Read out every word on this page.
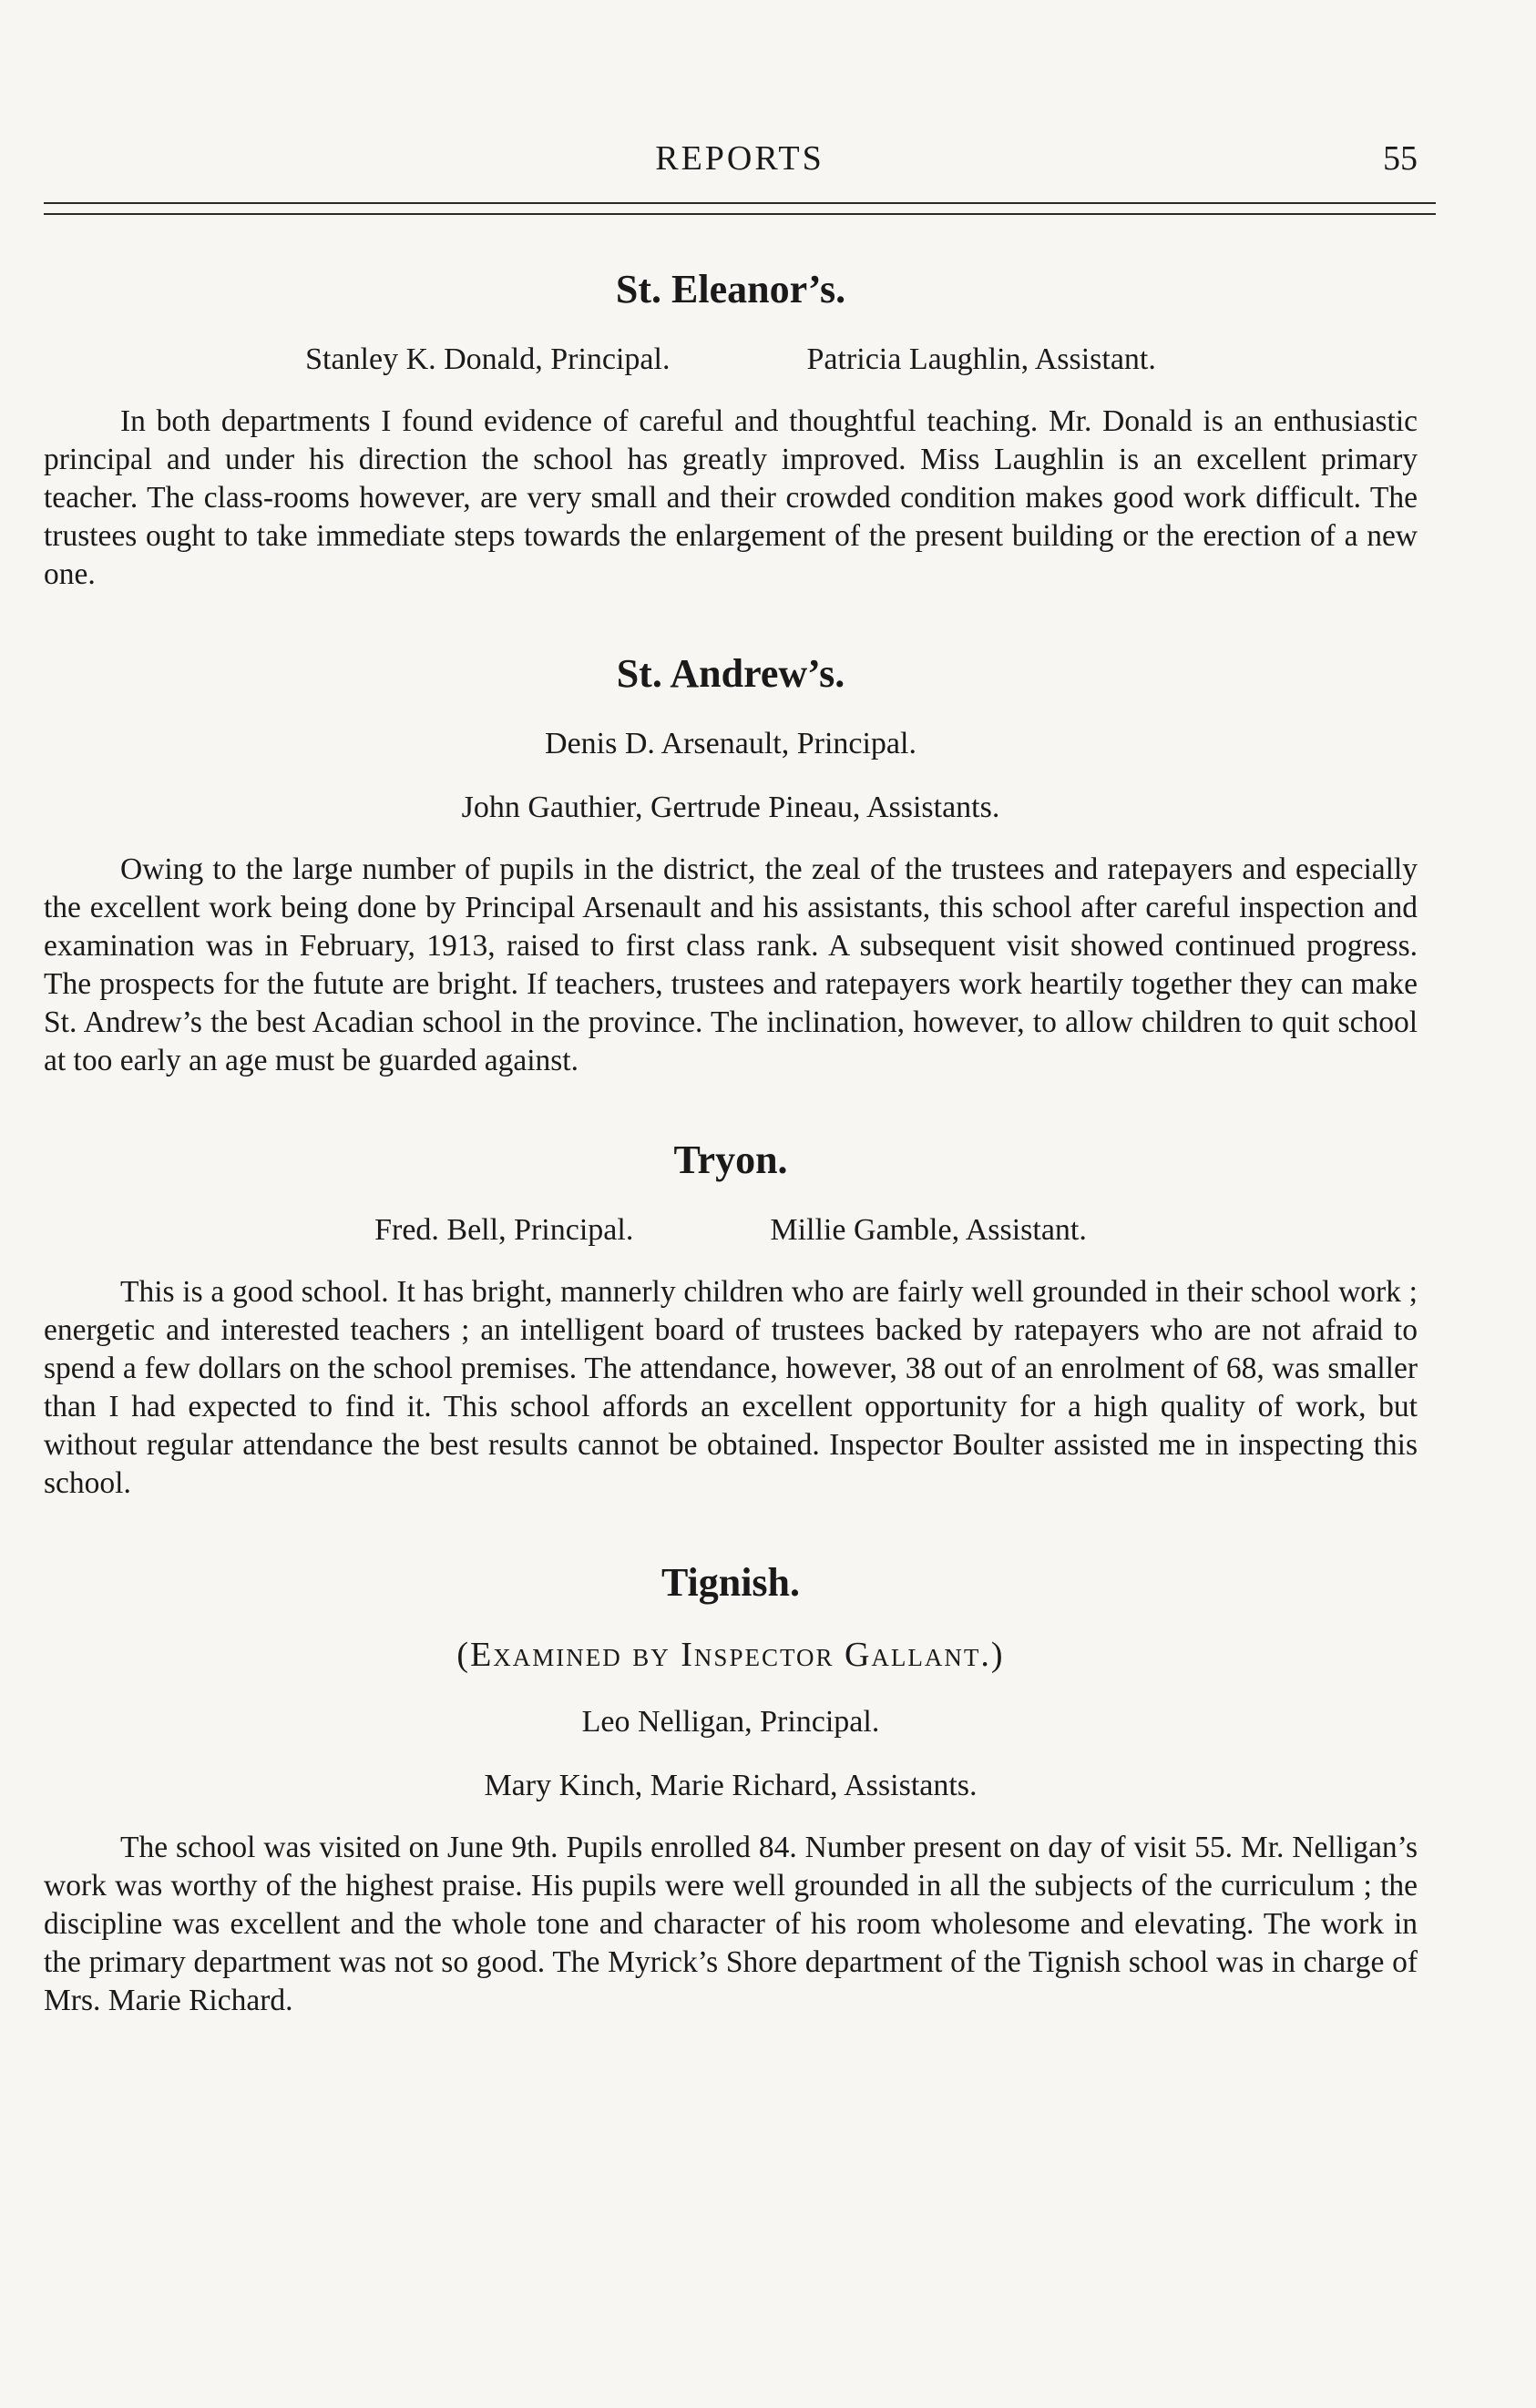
REPORTS	55
St. Eleanor’s.
Stanley K. Donald, Principal.	Patricia Laughlin, Assistant.

In both departments I found evidence of careful and thoughtful teaching. Mr. Donald is an enthusiastic principal and under his direction the school has greatly improved. Miss Laughlin is an excellent primary teacher. The class-rooms however, are very small and their crowded condition makes good work difficult. The trustees ought to take immediate steps towards the enlargement of the present building or the erection of a new one.

St. Andrew’s.
Denis D. Arsenault, Principal.
John Gauthier, Gertrude Pineau, Assistants.

Owing to the large number of pupils in the district, the zeal of the trustees and ratepayers and especially the excellent work being done by Principal Arsenault and his assistants, this school after careful inspection and examination was in February, 1913, raised to first class rank. A subsequent visit showed continued progress. The prospects for the futute are bright. If teachers, trustees and ratepayers work heartily together they can make St. Andrew’s the best Acadian school in the province. The inclination, however, to allow children to quit school at too early an age must be guarded against.

Tryon.
Fred. Bell, Principal.	Millie Gamble, Assistant.

This is a good school. It has bright, mannerly children who are fairly well grounded in their school work ; energetic and interested teachers ; an intelligent board of trustees backed by ratepayers who are not afraid to spend a few dollars on the school premises. The attendance, however, 38 out of an enrolment of 68, was smaller than I had expected to find it. This school affords an excellent opportunity for a high quality of work, but without regular attendance the best results cannot be obtained. Inspector Boulter assisted me in inspecting this school.

Tignish.
(Examined by Inspector Gallant.)
Leo Nelligan, Principal.
Mary Kinch, Marie Richard, Assistants.

The school was visited on June 9th. Pupils enrolled 84. Number present on day of visit 55. Mr. Nelligan’s work was worthy of the highest praise. His pupils were well grounded in all the subjects of the curriculum ; the discipline was excellent and the whole tone and character of his room wholesome and elevating. The work in the primary department was not so good. The Myrick’s Shore department of the Tignish school was in charge of Mrs. Marie Richard.
